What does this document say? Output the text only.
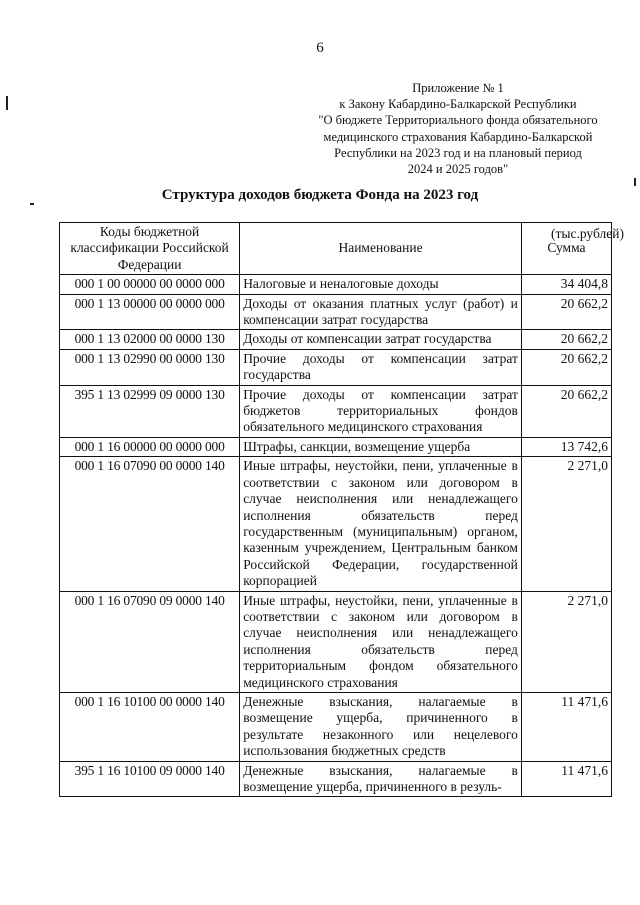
6
Приложение № 1
к Закону Кабардино-Балкарской Республики
"О бюджете Территориального фонда обязательного
медицинского страхования Кабардино-Балкарской
Республики на 2023 год и на плановый период
2024 и 2025 годов"
Структура доходов бюджета Фонда на 2023 год
(тыс.рублей)
Коды бюджетной классификации Российской Федерации	Наименование	Сумма
000 1 00 00000 00 0000 000	Налоговые и неналоговые доходы	34 404,8
000 1 13 00000 00 0000 000	Доходы от оказания платных услуг (работ) и компенсации затрат государства	20 662,2
000 1 13 02000 00 0000 130	Доходы от компенсации затрат государства	20 662,2
000 1 13 02990 00 0000 130	Прочие доходы от компенсации затрат государства	20 662,2
395 1 13 02999 09 0000 130	Прочие доходы от компенсации затрат бюджетов территориальных фондов обязательного медицинского страхования	20 662,2
000 1 16 00000 00 0000 000	Штрафы, санкции, возмещение ущерба	13 742,6
000 1 16 07090 00 0000 140	Иные штрафы, неустойки, пени, уплаченные в соответствии с законом или договором в случае неисполнения или ненадлежащего исполнения обязательств перед государственным (муниципальным) органом, казенным учреждением, Центральным банком Российской Федерации, государственной корпорацией	2 271,0
000 1 16 07090 09 0000 140	Иные штрафы, неустойки, пени, уплаченные в соответствии с законом или договором в случае неисполнения или ненадлежащего исполнения обязательств перед территориальным фондом обязательного медицинского страхования	2 271,0
000 1 16 10100 00 0000 140	Денежные взыскания, налагаемые в возмещение ущерба, причиненного в результате незаконного или нецелевого использования бюджетных средств	11 471,6
395 1 16 10100 09 0000 140	Денежные взыскания, налагаемые в возмещение ущерба, причиненного в резуль-	11 471,6
